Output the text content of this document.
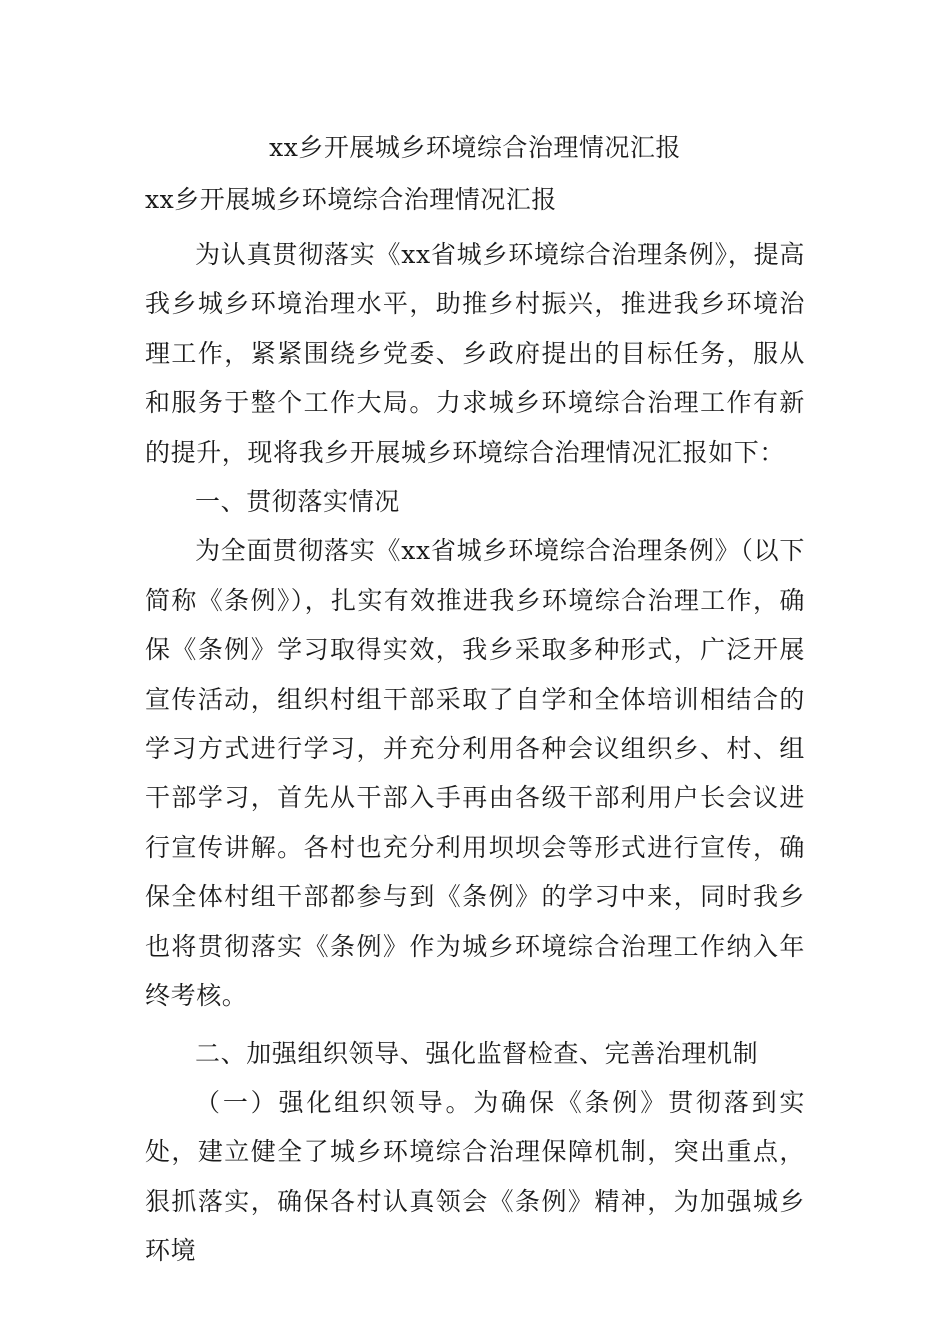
xx乡开展城乡环境综合治理情况汇报
xx乡开展城乡环境综合治理情况汇报

为认真贯彻落实《xx省城乡环境综合治理条例》，提高我乡城乡环境治理水平，助推乡村振兴，推进我乡环境治理工作，紧紧围绕乡党委、乡政府提出的目标任务，服从和服务于整个工作大局。力求城乡环境综合治理工作有新的提升，现将我乡开展城乡环境综合治理情况汇报如下：

一、贯彻落实情况

为全面贯彻落实《xx省城乡环境综合治理条例》（以下简称《条例》），扎实有效推进我乡环境综合治理工作，确保《条例》学习取得实效，我乡采取多种形式，广泛开展宣传活动，组织村组干部采取了自学和全体培训相结合的学习方式进行学习，并充分利用各种会议组织乡、村、组干部学习，首先从干部入手再由各级干部利用户长会议进行宣传讲解。各村也充分利用坝坝会等形式进行宣传，确保全体村组干部都参与到《条例》的学习中来，同时我乡也将贯彻落实《条例》作为城乡环境综合治理工作纳入年终考核。

二、加强组织领导、强化监督检查、完善治理机制

（一）强化组织领导。为确保《条例》贯彻落到实处，建立健全了城乡环境综合治理保障机制，突出重点，狠抓落实，确保各村认真领会《条例》精神，为加强城乡环境
